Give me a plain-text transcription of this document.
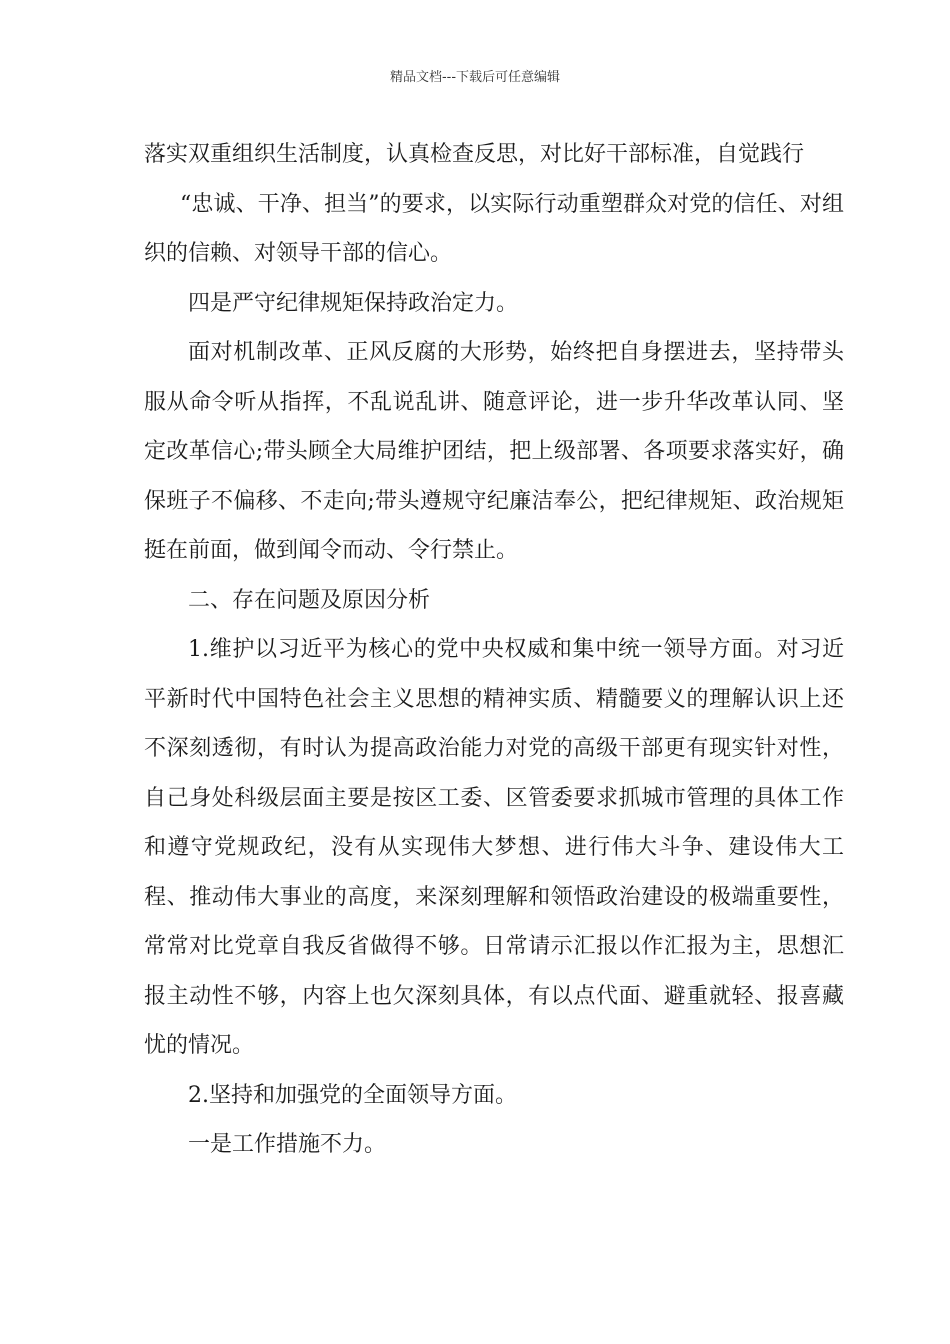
精品文档---下载后可任意编辑

落实双重组织生活制度，认真检查反思，对比好干部标准，自觉践行

“忠诚、干净、担当”的要求，以实际行动重塑群众对党的信任、对组织的信赖、对领导干部的信心。

四是严守纪律规矩保持政治定力。

面对机制改革、正风反腐的大形势，始终把自身摆进去，坚持带头服从命令听从指挥，不乱说乱讲、随意评论，进一步升华改革认同、坚定改革信心;带头顾全大局维护团结，把上级部署、各项要求落实好，确保班子不偏移、不走向;带头遵规守纪廉洁奉公，把纪律规矩、政治规矩挺在前面，做到闻令而动、令行禁止。

二、存在问题及原因分析

1.维护以习近平为核心的党中央权威和集中统一领导方面。对习近平新时代中国特色社会主义思想的精神实质、精髓要义的理解认识上还不深刻透彻，有时认为提高政治能力对党的高级干部更有现实针对性，自己身处科级层面主要是按区工委、区管委要求抓城市管理的具体工作和遵守党规政纪，没有从实现伟大梦想、进行伟大斗争、建设伟大工程、推动伟大事业的高度，来深刻理解和领悟政治建设的极端重要性，常常对比党章自我反省做得不够。日常请示汇报以作汇报为主，思想汇报主动性不够，内容上也欠深刻具体，有以点代面、避重就轻、报喜藏忧的情况。

2.坚持和加强党的全面领导方面。

一是工作措施不力。
